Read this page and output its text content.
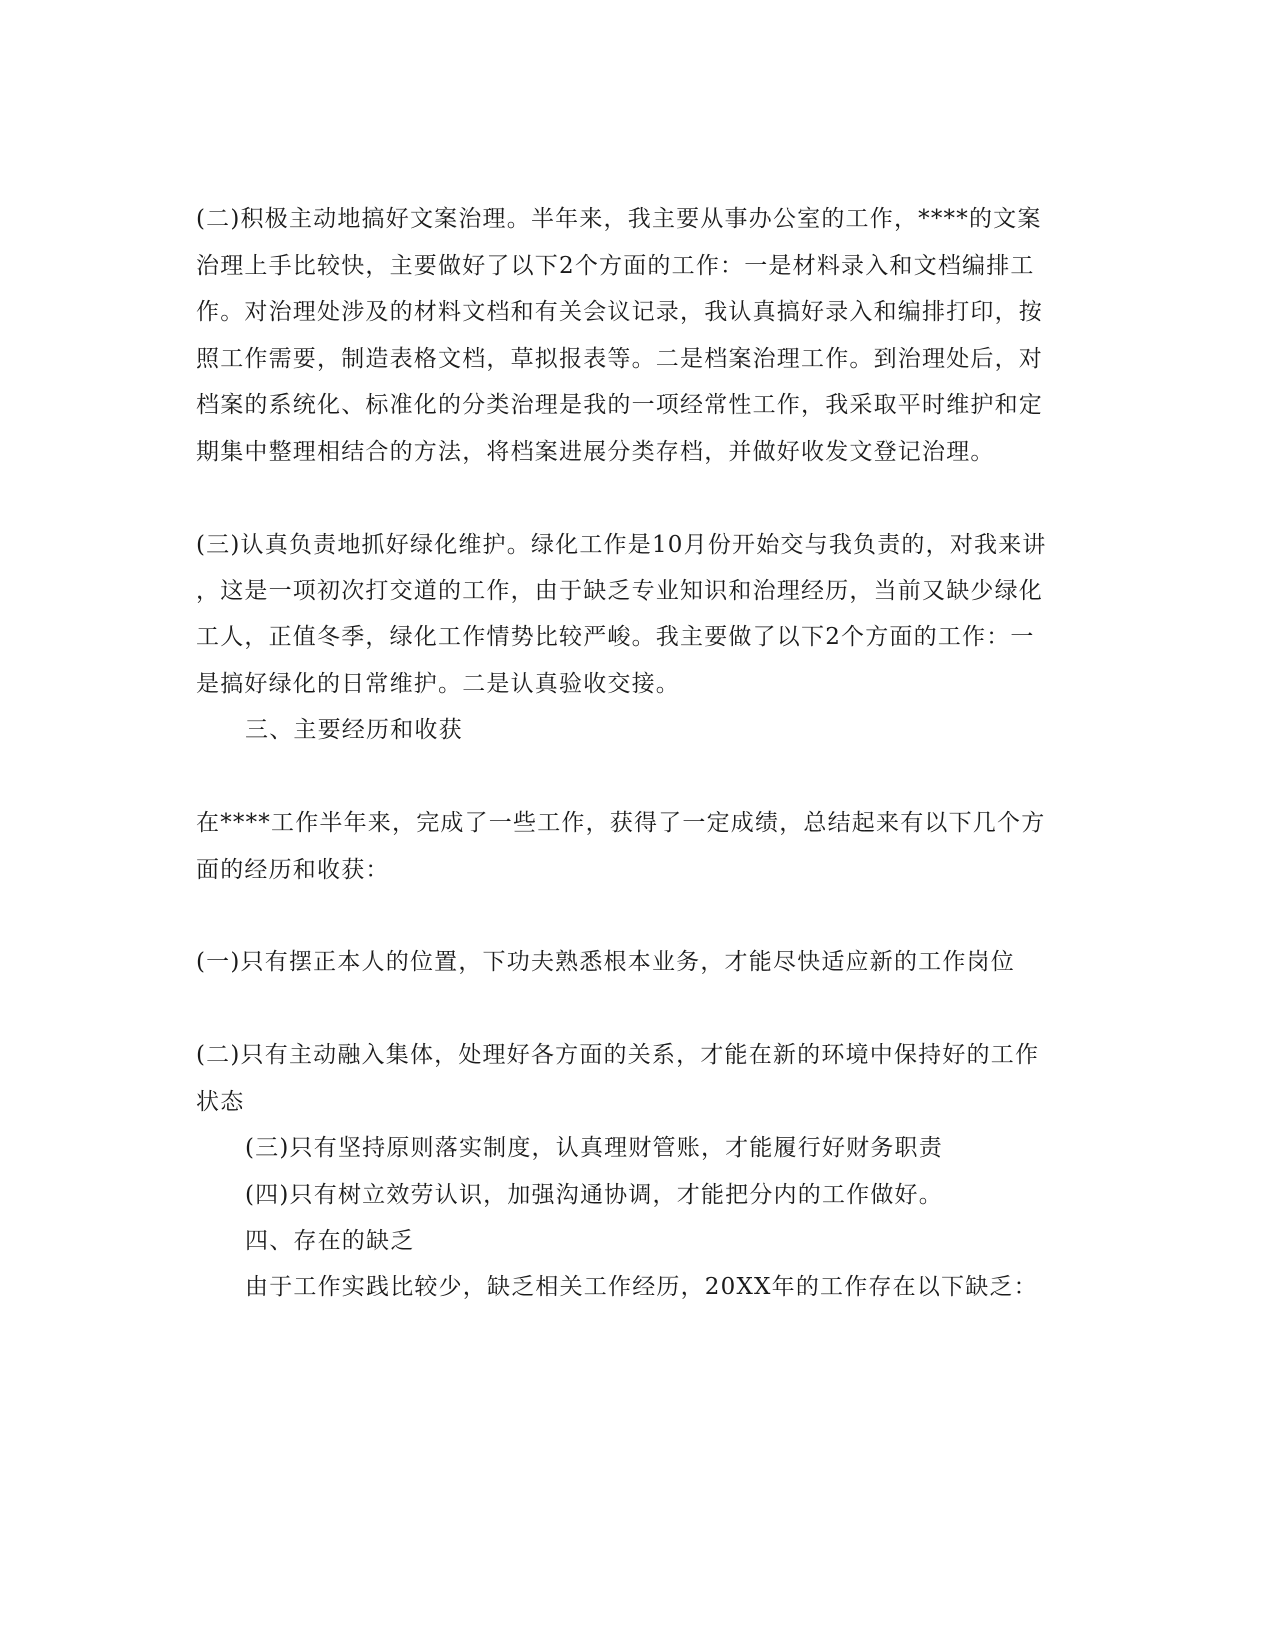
(二)积极主动地搞好文案治理。半年来，我主要从事办公室的工作，****的文案
治理上手比较快，主要做好了以下2个方面的工作：一是材料录入和文档编排工
作。对治理处涉及的材料文档和有关会议记录，我认真搞好录入和编排打印，按
照工作需要，制造表格文档，草拟报表等。二是档案治理工作。到治理处后，对
档案的系统化、标准化的分类治理是我的一项经常性工作，我采取平时维护和定
期集中整理相结合的方法，将档案进展分类存档，并做好收发文登记治理。
(三)认真负责地抓好绿化维护。绿化工作是10月份开始交与我负责的，对我来讲
，这是一项初次打交道的工作，由于缺乏专业知识和治理经历，当前又缺少绿化
工人，正值冬季，绿化工作情势比较严峻。我主要做了以下2个方面的工作：一
是搞好绿化的日常维护。二是认真验收交接。
三、主要经历和收获
在****工作半年来，完成了一些工作，获得了一定成绩，总结起来有以下几个方
面的经历和收获：
(一)只有摆正本人的位置，下功夫熟悉根本业务，才能尽快适应新的工作岗位
(二)只有主动融入集体，处理好各方面的关系，才能在新的环境中保持好的工作
状态
(三)只有坚持原则落实制度，认真理财管账，才能履行好财务职责
(四)只有树立效劳认识，加强沟通协调，才能把分内的工作做好。
四、存在的缺乏
由于工作实践比较少，缺乏相关工作经历，20XX年的工作存在以下缺乏：
